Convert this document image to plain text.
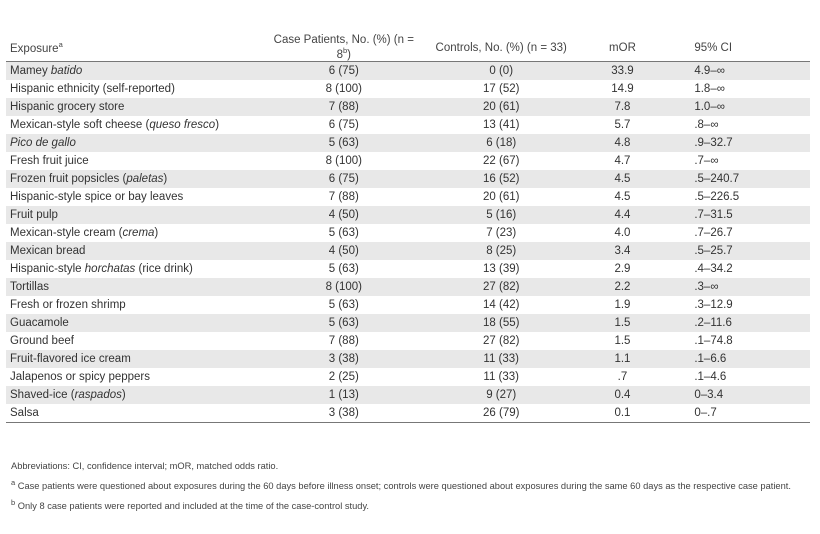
Exposure$^a$	Case Patients, No. (%) $(n = 8^b)$	Controls, No. (%) (n = 33)	mOR	95% CI
Mamey batido	6 (75)	0 (0)	33.9	4.9–∞
Hispanic ethnicity (self-reported)	8 (100)	17 (52)	14.9	1.8–∞
Hispanic grocery store	7 (88)	20 (61)	7.8	1.0–∞
Mexican-style soft cheese (queso fresco)	6 (75)	13 (41)	5.7	.8–∞
Pico de gallo	5 (63)	6 (18)	4.8	.9–32.7
Fresh fruit juice	8 (100)	22 (67)	4.7	.7–∞
Frozen fruit popsicles (paletas)	6 (75)	16 (52)	4.5	.5–240.7
Hispanic-style spice or bay leaves	7 (88)	20 (61)	4.5	.5–226.5
Fruit pulp	4 (50)	5 (16)	4.4	.7–31.5
Mexican-style cream (crema)	5 (63)	7 (23)	4.0	.7–26.7
Mexican bread	4 (50)	8 (25)	3.4	.5–25.7
Hispanic-style horchatas (rice drink)	5 (63)	13 (39)	2.9	.4–34.2
Tortillas	8 (100)	27 (82)	2.2	.3–∞
Fresh or frozen shrimp	5 (63)	14 (42)	1.9	.3–12.9
Guacamole	5 (63)	18 (55)	1.5	.2–11.6
Ground beef	7 (88)	27 (82)	1.5	.1–74.8
Fruit-flavored ice cream	3 (38)	11 (33)	1.1	.1–6.6
Jalapenos or spicy peppers	2 (25)	11 (33)	.7	.1–4.6
Shaved-ice (raspados)	1 (13)	9 (27)	0.4	0–3.4
Salsa	3 (38)	26 (79)	0.1	0–.7

Abbreviations: CI, confidence interval; mOR, matched odds ratio.

$^a$ Case patients were questioned about exposures during the 60 days before illness onset; controls were questioned about exposures during the same 60 days as the respective case patient.

$^b$ Only 8 case patients were reported and included at the time of the case-control study.
